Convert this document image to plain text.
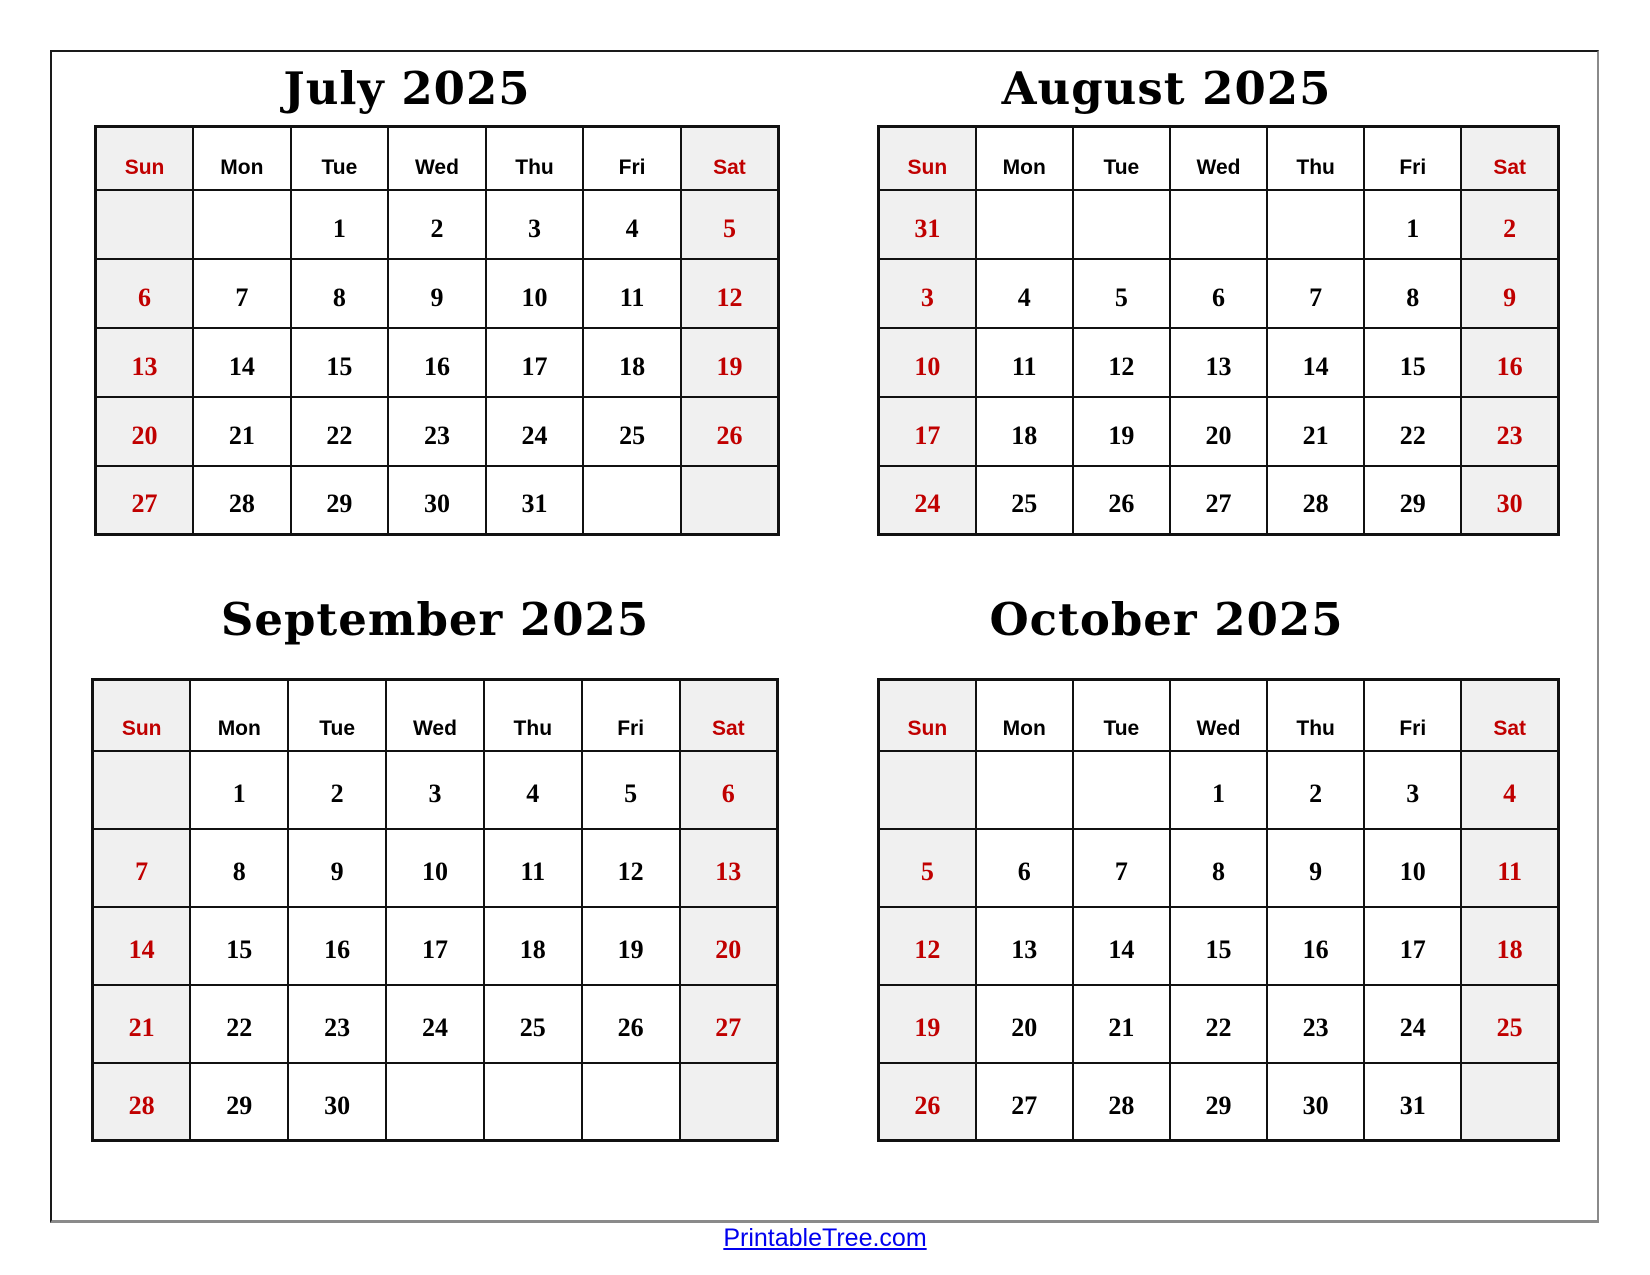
July 2025
Sun	Mon	Tue	Wed	Thu	Fri	Sat
		1	2	3	4	5
6	7	8	9	10	11	12
13	14	15	16	17	18	19
20	21	22	23	24	25	26
27	28	29	30	31		
August 2025
Sun	Mon	Tue	Wed	Thu	Fri	Sat
31					1	2
3	4	5	6	7	8	9
10	11	12	13	14	15	16
17	18	19	20	21	22	23
24	25	26	27	28	29	30
September 2025
Sun	Mon	Tue	Wed	Thu	Fri	Sat
	1	2	3	4	5	6
7	8	9	10	11	12	13
14	15	16	17	18	19	20
21	22	23	24	25	26	27
28	29	30				
October 2025
Sun	Mon	Tue	Wed	Thu	Fri	Sat
			1	2	3	4
5	6	7	8	9	10	11
12	13	14	15	16	17	18
19	20	21	22	23	24	25
26	27	28	29	30	31	
PrintableTree.com
